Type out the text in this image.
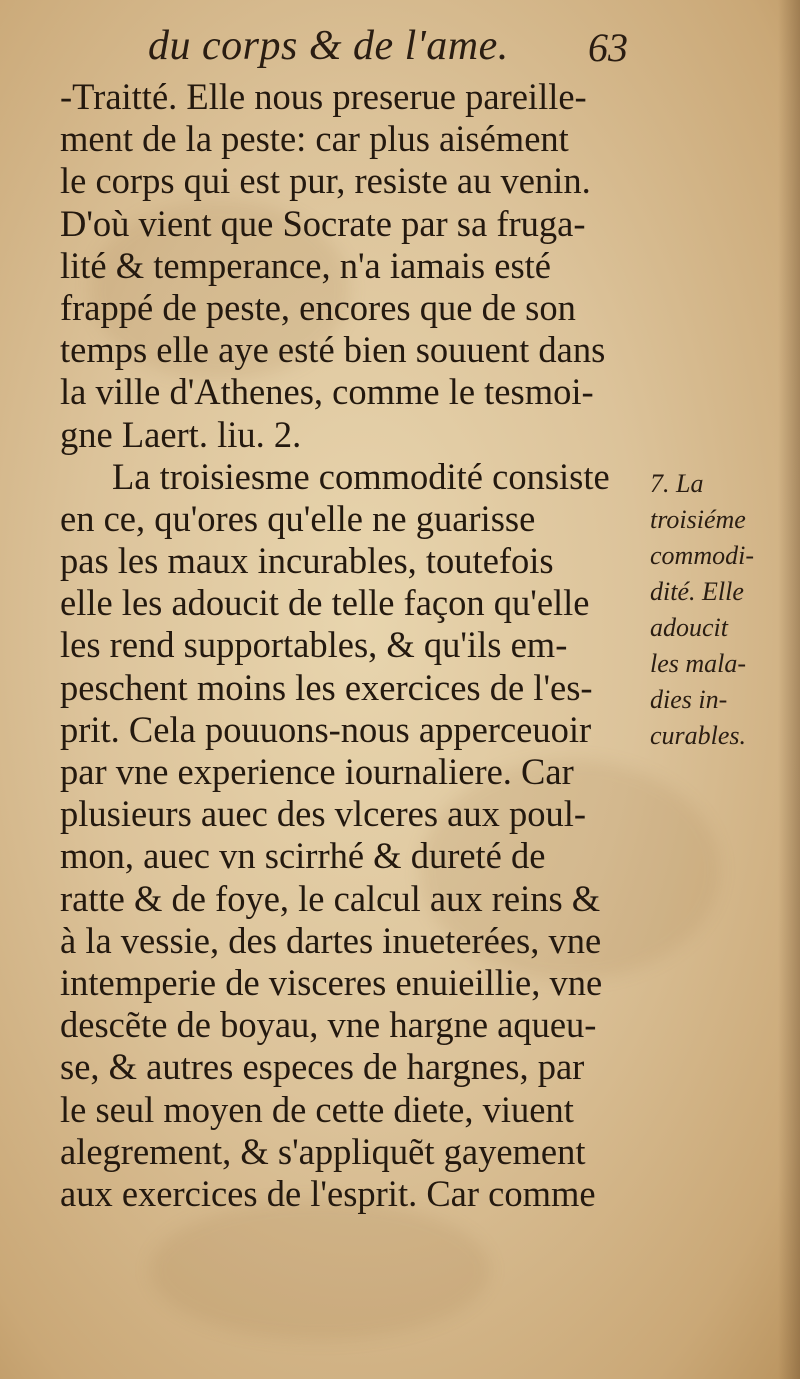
du corps & de l'ame. 63
-Traitté. Elle nous preserue pareille-
ment de la peste: car plus aisément
le corps qui est pur, resiste au venin.
D'où vient que Socrate par sa fruga-
lité & temperance, n'a iamais esté
frappé de peste, encores que de son
temps elle aye esté bien souuent dans
la ville d'Athenes, comme le tesmoi-
gne Laert. liu. 2.
La troisiesme commodité consiste
en ce, qu'ores qu'elle ne guarisse
pas les maux incurables, toutefois
elle les adoucit de telle façon qu'elle
les rend supportables, & qu'ils em-
peschent moins les exercices de l'es-
prit. Cela pouuons-nous apperceuoir
par vne experience iournaliere. Car
plusieurs auec des vlceres aux poul-
mon, auec vn scirrhé & dureté de
ratte & de foye, le calcul aux reins &
à la vessie, des dartes inueterées, vne
intemperie de visceres enuieillie, vne
descẽte de boyau, vne hargne aqueu-
se, & autres especes de hargnes, par
le seul moyen de cette diete, viuent
alegrement, & s'appliquẽt gayement
aux exercices de l'esprit. Car comme
7. La
troisiéme
commodi-
dité. Elle
adoucit
les mala-
dies in-
curables.
